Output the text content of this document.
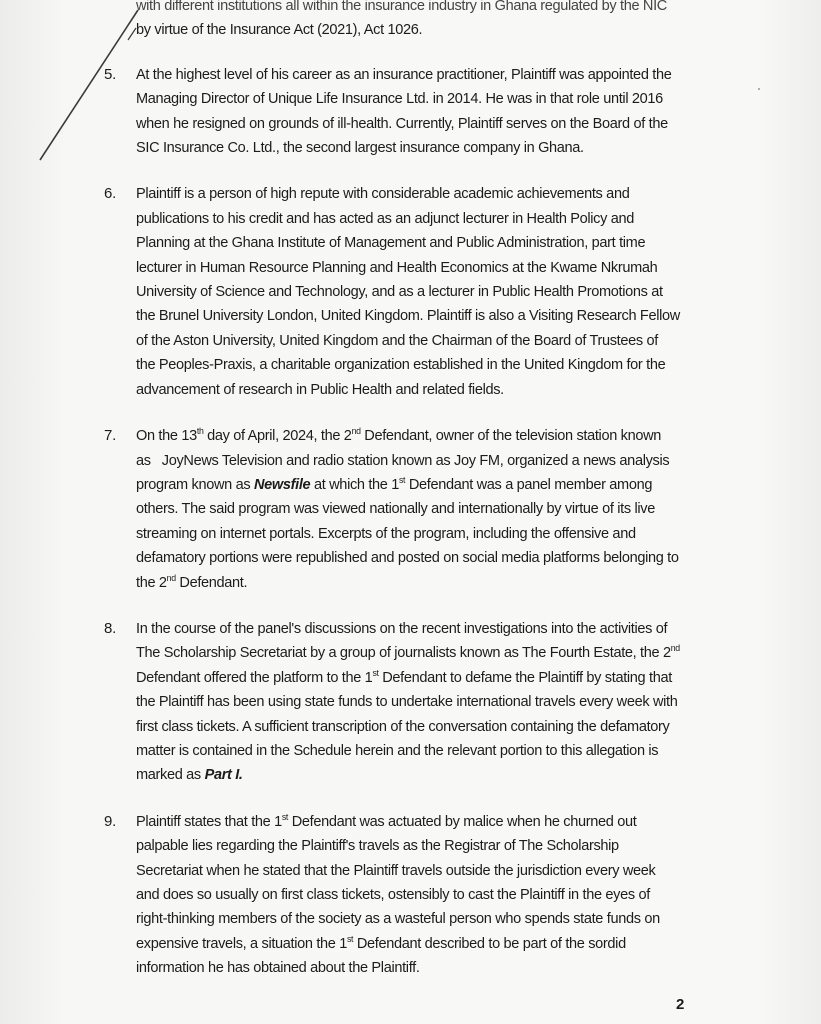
with different institutions all within the insurance industry in Ghana regulated by the NIC
by virtue of the Insurance Act (2021), Act 1026.
5.	At the highest level of his career as an insurance practitioner, Plaintiff was appointed the
Managing Director of Unique Life Insurance Ltd. in 2014. He was in that role until 2016
when he resigned on grounds of ill-health. Currently, Plaintiff serves on the Board of the
SIC Insurance Co. Ltd., the second largest insurance company in Ghana.
6.	Plaintiff is a person of high repute with considerable academic achievements and
publications to his credit and has acted as an adjunct lecturer in Health Policy and
Planning at the Ghana Institute of Management and Public Administration, part time
lecturer in Human Resource Planning and Health Economics at the Kwame Nkrumah
University of Science and Technology, and as a lecturer in Public Health Promotions at
the Brunel University London, United Kingdom. Plaintiff is also a Visiting Research Fellow
of the Aston University, United Kingdom and the Chairman of the Board of Trustees of
the Peoples-Praxis, a charitable organization established in the United Kingdom for the
advancement of research in Public Health and related fields.
7.	On the 13th day of April, 2024, the 2nd Defendant, owner of the television station known
as   JoyNews Television and radio station known as Joy FM, organized a news analysis
program known as Newsfile at which the 1st Defendant was a panel member among
others. The said program was viewed nationally and internationally by virtue of its live
streaming on internet portals. Excerpts of the program, including the offensive and
defamatory portions were republished and posted on social media platforms belonging to
the 2nd Defendant.
8.	In the course of the panel's discussions on the recent investigations into the activities of
The Scholarship Secretariat by a group of journalists known as The Fourth Estate, the 2nd
Defendant offered the platform to the 1st Defendant to defame the Plaintiff by stating that
the Plaintiff has been using state funds to undertake international travels every week with
first class tickets. A sufficient transcription of the conversation containing the defamatory
matter is contained in the Schedule herein and the relevant portion to this allegation is
marked as Part I.
9.	Plaintiff states that the 1st Defendant was actuated by malice when he churned out
palpable lies regarding the Plaintiff's travels as the Registrar of The Scholarship
Secretariat when he stated that the Plaintiff travels outside the jurisdiction every week
and does so usually on first class tickets, ostensibly to cast the Plaintiff in the eyes of
right-thinking members of the society as a wasteful person who spends state funds on
expensive travels, a situation the 1st Defendant described to be part of the sordid
information he has obtained about the Plaintiff.
2
